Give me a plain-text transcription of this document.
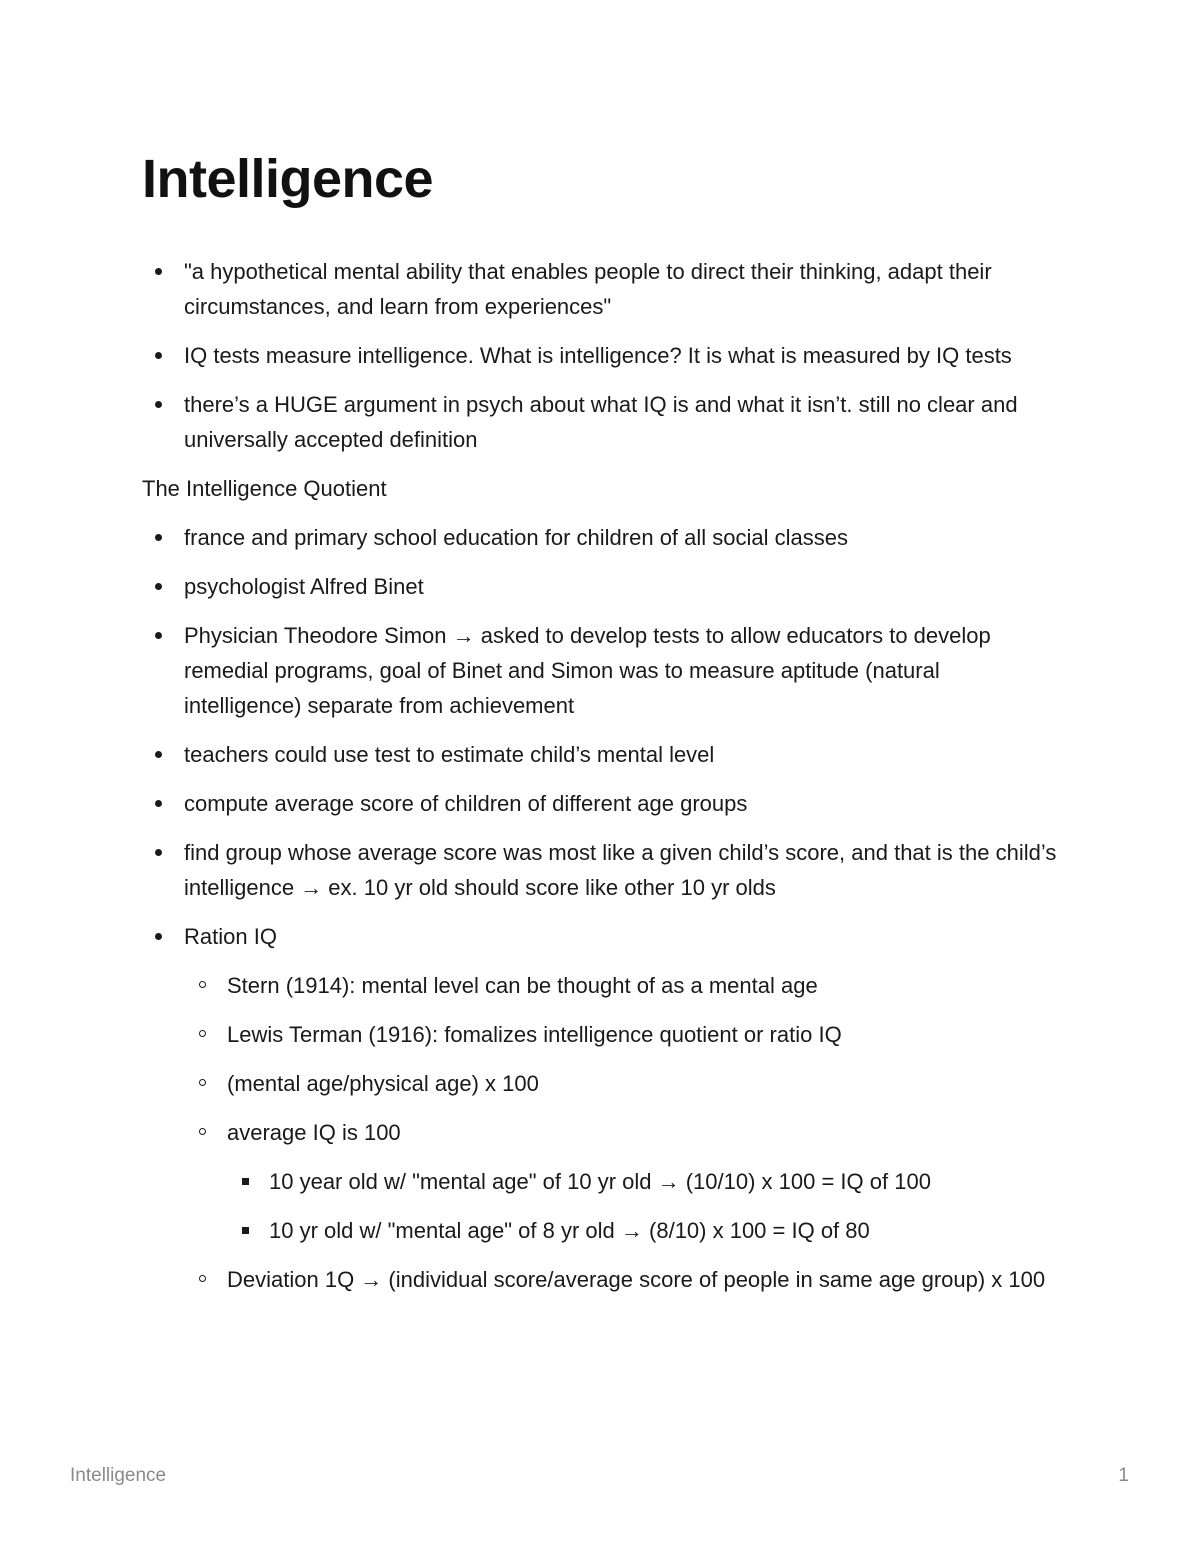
Intelligence
"a hypothetical mental ability that enables people to direct their thinking, adapt their circumstances, and learn from experiences"
IQ tests measure intelligence. What is intelligence? It is what is measured by IQ tests
there’s a HUGE argument in psych about what IQ is and what it isn’t. still no clear and universally accepted definition

The Intelligence Quotient

france and primary school education for children of all social classes
psychologist Alfred Binet
Physician Theodore Simon → asked to develop tests to allow educators to develop remedial programs, goal of Binet and Simon was to measure aptitude (natural intelligence) separate from achievement
teachers could use test to estimate child’s mental level
compute average score of children of different age groups
find group whose average score was most like a given child’s score, and that is the child’s intelligence → ex. 10 yr old should score like other 10 yr olds
Ration IQ
Stern (1914): mental level can be thought of as a mental age
Lewis Terman (1916): fomalizes intelligence quotient or ratio IQ
(mental age/physical age) x 100
average IQ is 100
10 year old w/ "mental age" of 10 yr old → (10/10) x 100 = IQ of 100
10 yr old w/ "mental age" of 8 yr old → (8/10) x 100 = IQ of 80
Deviation 1Q → (individual score/average score of people in same age group) x 100
Intelligence	1
